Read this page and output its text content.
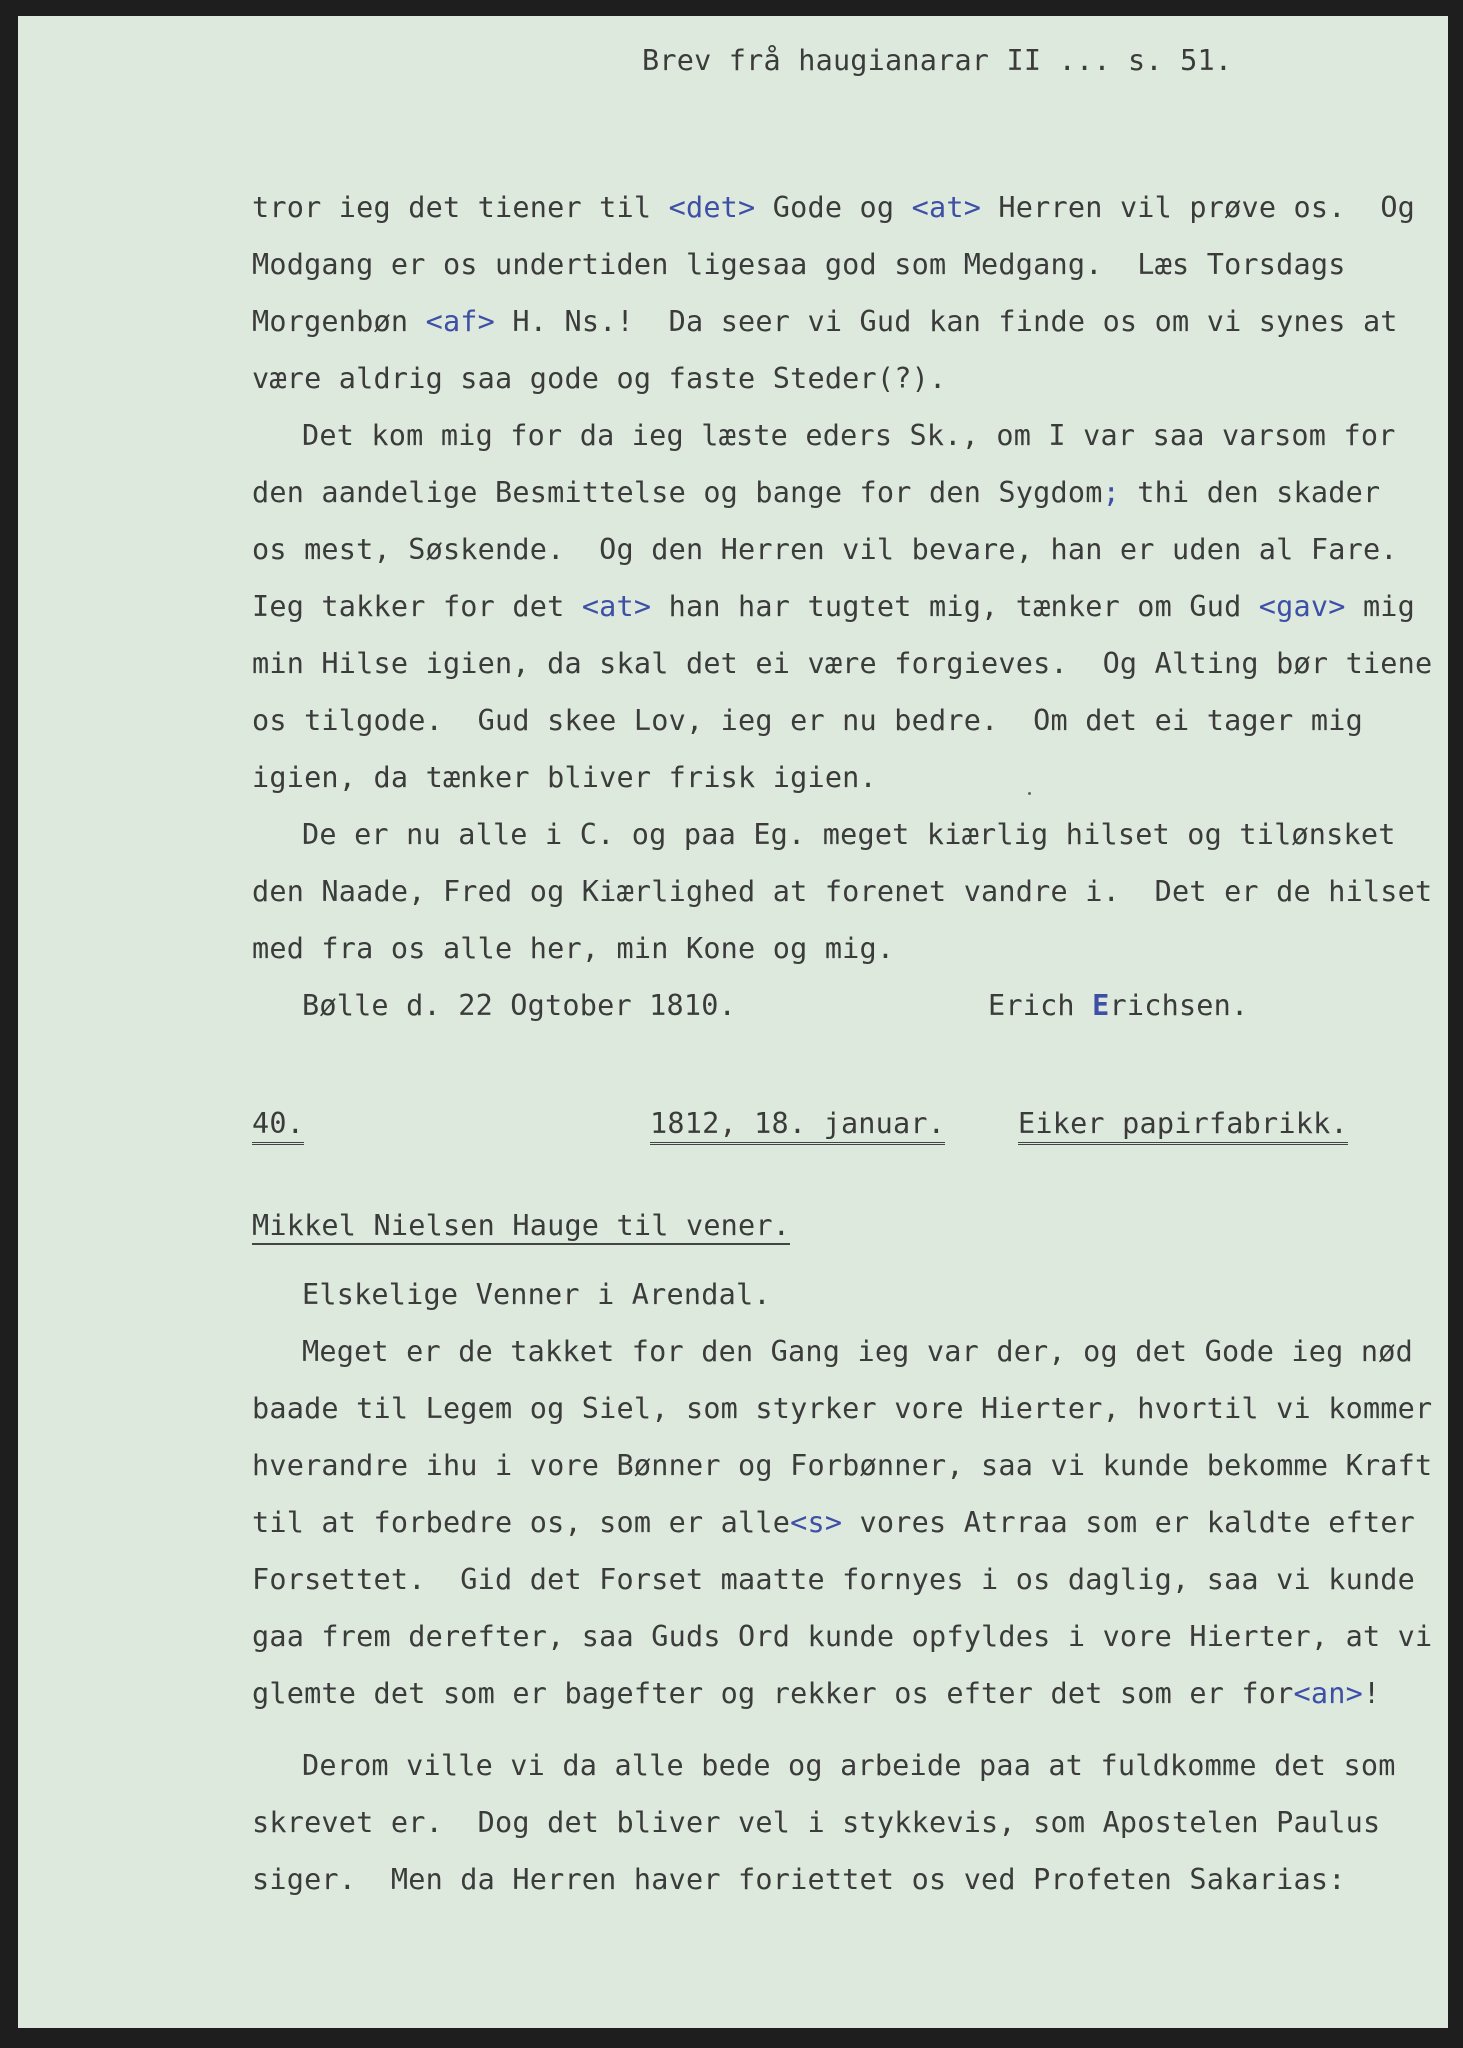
Brev frå haugianarar II ... s. 51.
tror ieg det tiener til <det> Gode og <at> Herren vil prøve os.  Og
Modgang er os undertiden ligesaa god som Medgang.  Læs Torsdags
Morgenbøn <af> H. Ns.!  Da seer vi Gud kan finde os om vi synes at
være aldrig saa gode og faste Steder(?).
Det kom mig for da ieg læste eders Sk., om I var saa varsom for
den aandelige Besmittelse og bange for den Sygdom; thi den skader
os mest, Søskende.  Og den Herren vil bevare, han er uden al Fare.
Ieg takker for det <at> han har tugtet mig, tænker om Gud <gav> mig
min Hilse igien, da skal det ei være forgieves.  Og Alting bør tiene
os tilgode.  Gud skee Lov, ieg er nu bedre.  Om det ei tager mig
igien, da tænker bliver frisk igien.
De er nu alle i C. og paa Eg. meget kiærlig hilset og tilønsket
den Naade, Fred og Kiærlighed at forenet vandre i.  Det er de hilset
med fra os alle her, min Kone og mig.
Bølle d. 22 Ogtober 1810.	Erich Erichsen.
40.	1812, 18. januar.	Eiker papirfabrikk.
Mikkel Nielsen Hauge til vener.
Elskelige Venner i Arendal.
Meget er de takket for den Gang ieg var der, og det Gode ieg nød
baade til Legem og Siel, som styrker vore Hierter, hvortil vi kommer
hverandre ihu i vore Bønner og Forbønner, saa vi kunde bekomme Kraft
til at forbedre os, som er alle<s> vores Atrraa som er kaldte efter
Forsettet.  Gid det Forset maatte fornyes i os daglig, saa vi kunde
gaa frem derefter, saa Guds Ord kunde opfyldes i vore Hierter, at vi
glemte det som er bagefter og rekker os efter det som er for<an>!
Derom ville vi da alle bede og arbeide paa at fuldkomme det som
skrevet er.  Dog det bliver vel i stykkevis, som Apostelen Paulus
siger.  Men da Herren haver foriettet os ved Profeten Sakarias:
